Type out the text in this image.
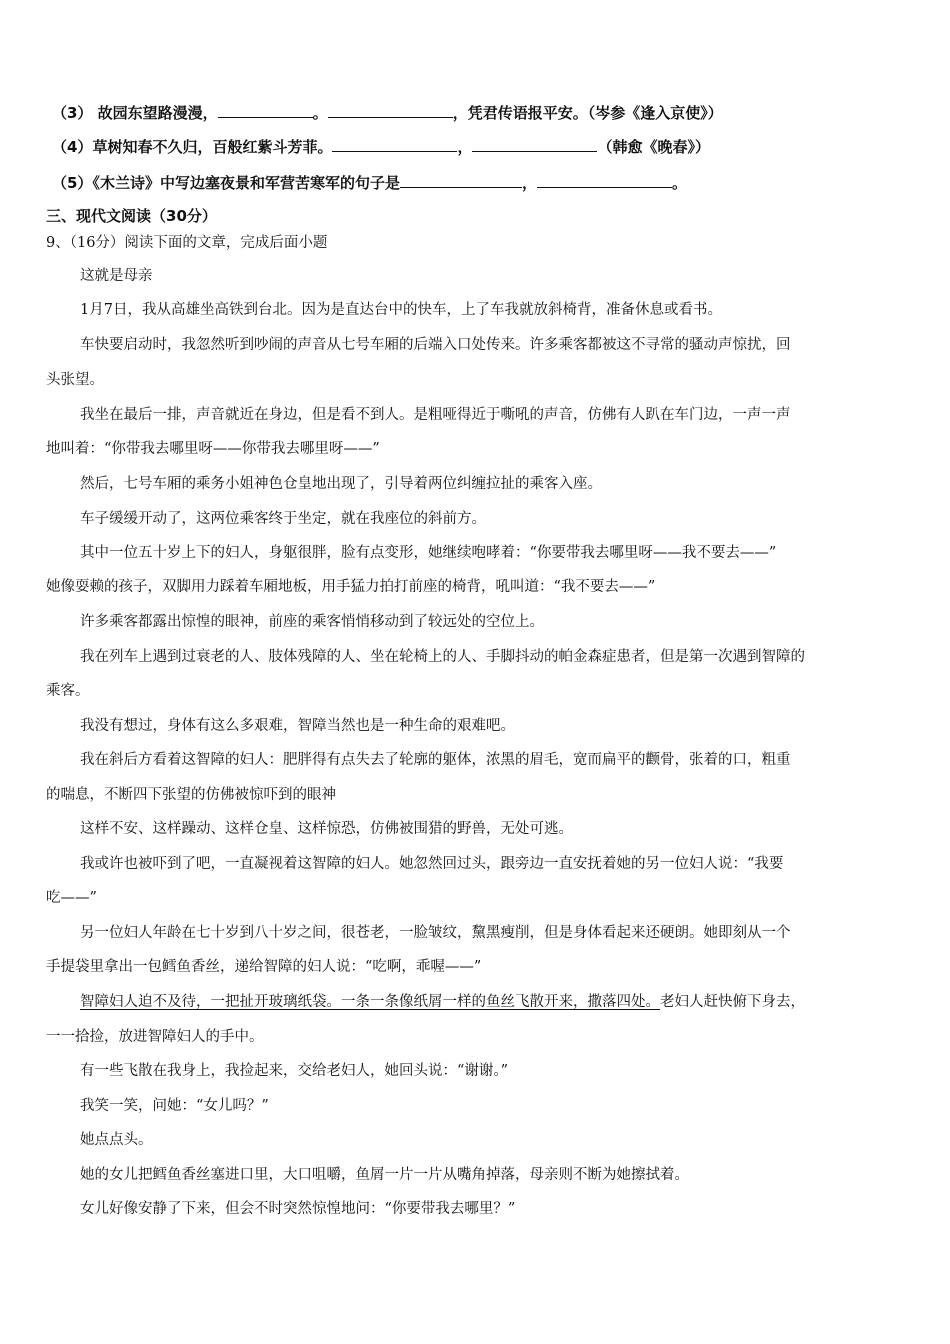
（3） 故园东望路漫漫，	。	，凭君传语报平安。（岑参《逢入京使》）
（4）草树知春不久归，百般红紫斗芳菲。	，	（韩愈《晚春》）
（5）《木兰诗》中写边塞夜景和军营苦寒军的句子是	，	。
三、现代文阅读（30分）
9、（16分）阅读下面的文章，完成后面小题
这就是母亲
1月7日，我从高雄坐高铁到台北。因为是直达台中的快车，上了车我就放斜椅背，准备休息或看书。
车快要启动时，我忽然听到吵闹的声音从七号车厢的后端入口处传来。许多乘客都被这不寻常的骚动声惊扰，回
头张望。
我坐在最后一排，声音就近在身边，但是看不到人。是粗哑得近于嘶吼的声音，仿佛有人趴在车门边，一声一声
地叫着：“你带我去哪里呀——你带我去哪里呀——”
然后，七号车厢的乘务小姐神色仓皇地出现了，引导着两位纠缠拉扯的乘客入座。
车子缓缓开动了，这两位乘客终于坐定，就在我座位的斜前方。
其中一位五十岁上下的妇人，身躯很胖，脸有点变形，她继续咆哮着：“你要带我去哪里呀——我不要去——”
她像耍赖的孩子，双脚用力踩着车厢地板，用手猛力拍打前座的椅背，吼叫道：“我不要去——”
许多乘客都露出惊惶的眼神，前座的乘客悄悄移动到了较远处的空位上。
我在列车上遇到过衰老的人、肢体残障的人、坐在轮椅上的人、手脚抖动的帕金森症患者，但是第一次遇到智障的
乘客。
我没有想过，身体有这么多艰难，智障当然也是一种生命的艰难吧。
我在斜后方看着这智障的妇人：肥胖得有点失去了轮廓的躯体，浓黑的眉毛，宽而扁平的颧骨，张着的口，粗重
的喘息，不断四下张望的仿佛被惊吓到的眼神
这样不安、这样躁动、这样仓皇、这样惊恐，仿佛被围猎的野兽，无处可逃。
我或许也被吓到了吧，一直凝视着这智障的妇人。她忽然回过头，跟旁边一直安抚着她的另一位妇人说：“我要
吃——”
另一位妇人年龄在七十岁到八十岁之间，很苍老，一脸皱纹，黧黑瘦削，但是身体看起来还硬朗。她即刻从一个
手提袋里拿出一包鳕鱼香丝，递给智障的妇人说：“吃啊，乖喔——”
智障妇人迫不及待，一把扯开玻璃纸袋。一条一条像纸屑一样的鱼丝飞散开来，撒落四处。老妇人赶快俯下身去，
一一拾捡，放进智障妇人的手中。
有一些飞散在我身上，我捡起来，交给老妇人，她回头说：“谢谢。”
我笑一笑，问她：“女儿吗？”
她点点头。
她的女儿把鳕鱼香丝塞进口里，大口咀嚼，鱼屑一片一片从嘴角掉落，母亲则不断为她擦拭着。
女儿好像安静了下来，但会不时突然惊惶地问：“你要带我去哪里？”
